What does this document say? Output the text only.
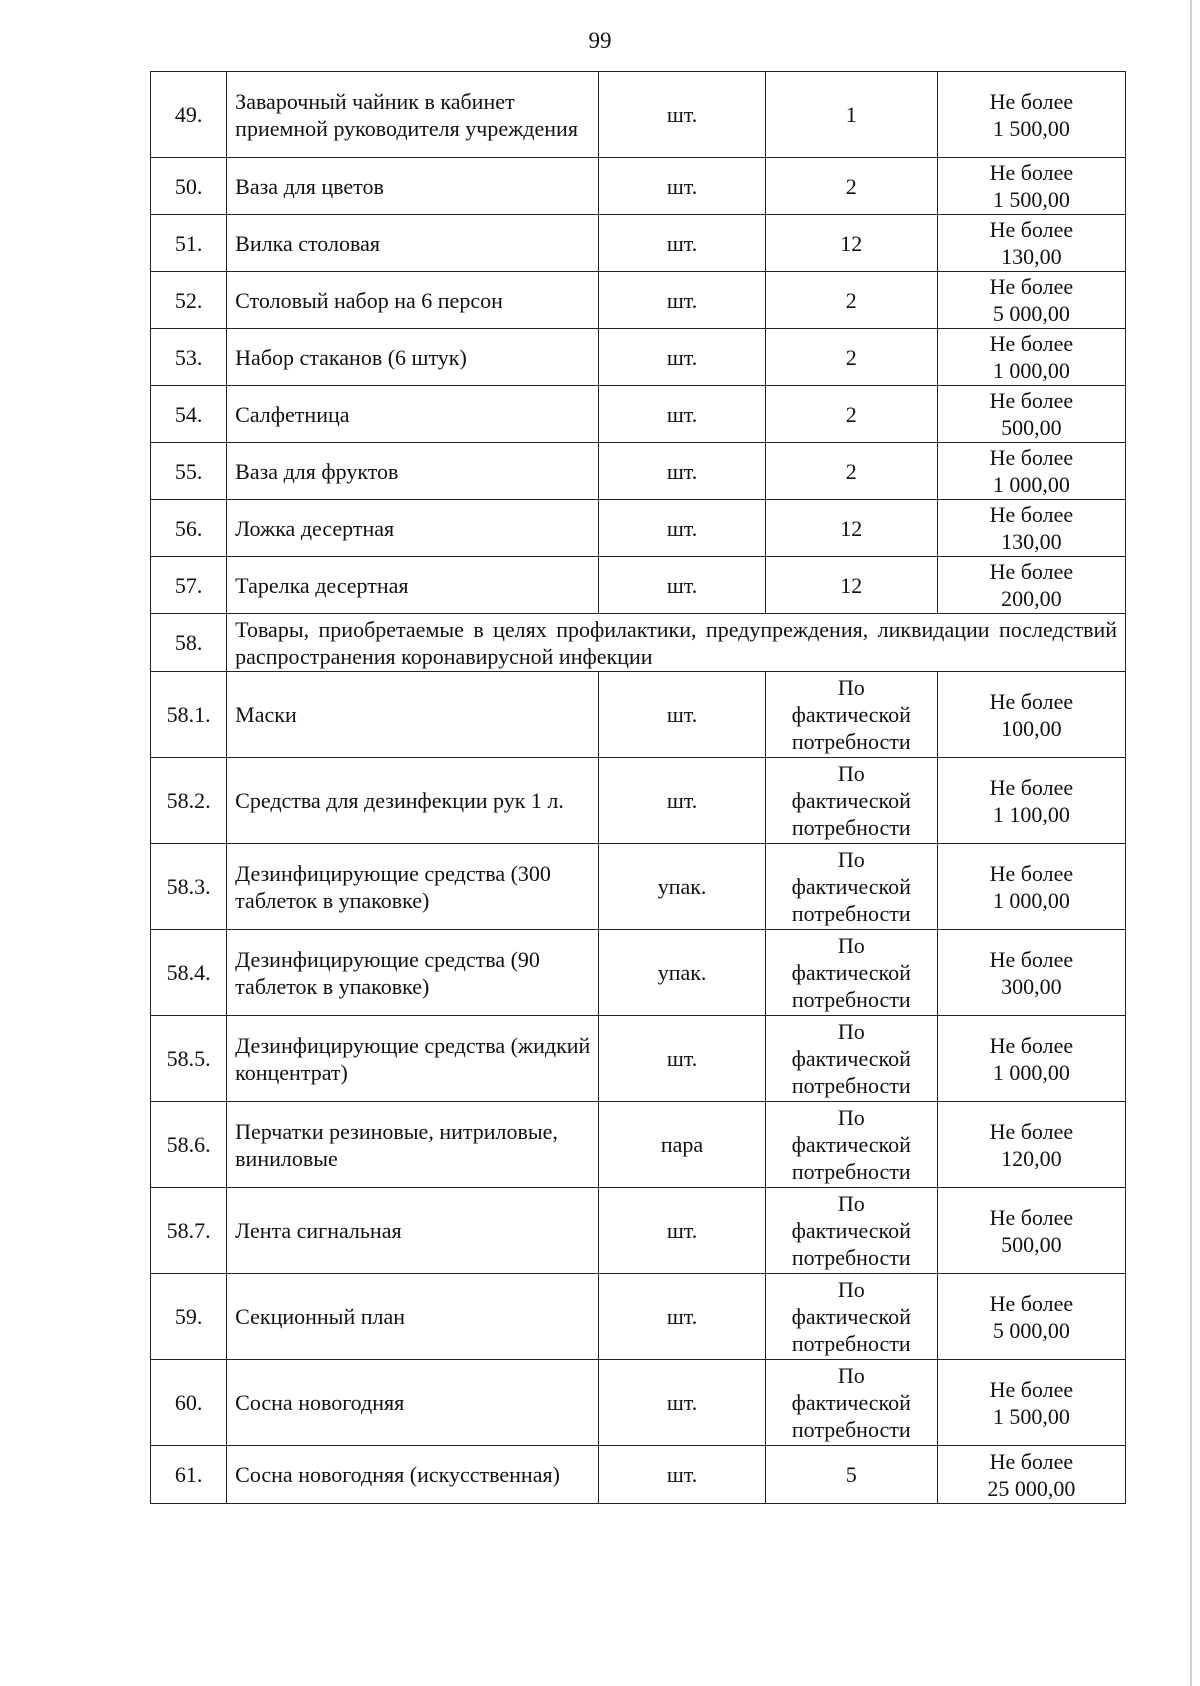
99
49.	Заварочный чайник в кабинет приемной руководителя учреждения	шт.	1	Не более
1 500,00

50.	Ваза для цветов	шт.	2	Не более
1 500,00

51.	Вилка столовая	шт.	12	Не более
130,00

52.	Столовый набор на 6 персон	шт.	2	Не более
5 000,00

53.	Набор стаканов (6 штук)	шт.	2	Не более
1 000,00

54.	Салфетница	шт.	2	Не более
500,00

55.	Ваза для фруктов	шт.	2	Не более
1 000,00

56.	Ложка десертная	шт.	12	Не более
130,00

57.	Тарелка десертная	шт.	12	Не более
200,00

58.	Товары, приобретаемые в целях профилактики, предупреждения, ликвидации последствий распространения коронавирусной инфекции			
58.1.	Маски	шт.	По
фактической
потребности	Не более
100,00

58.2.	Средства для дезинфекции рук 1 л.	шт.	По
фактической
потребности	Не более
1 100,00

58.3.	Дезинфицирующие средства (300 таблеток в упаковке)	упак.	По
фактической
потребности	Не более
1 000,00

58.4.	Дезинфицирующие средства (90 таблеток в упаковке)	упак.	По
фактической
потребности	Не более
300,00

58.5.	Дезинфицирующие средства (жидкий концентрат)	шт.	По
фактической
потребности	Не более
1 000,00

58.6.	Перчатки резиновые, нитриловые, виниловые	пара	По
фактической
потребности	Не более
120,00

58.7.	Лента сигнальная	шт.	По
фактической
потребности	Не более
500,00

59.	Секционный план	шт.	По
фактической
потребности	Не более
5 000,00

60.	Сосна новогодняя	шт.	По
фактической
потребности	Не более
1 500,00

61.	Сосна новогодняя (искусственная)	шт.	5	Не более
25 000,00
